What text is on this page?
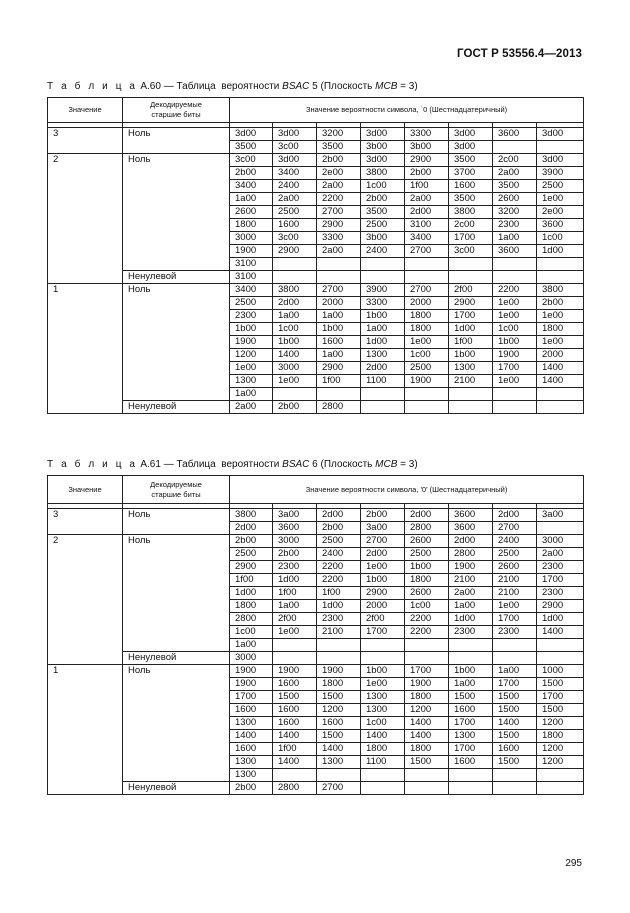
ГОСТ Р 53556.4—2013
Т а б л и ц а А.60 — Таблица  вероятности BSAC 5 (Плоскость MCB = 3)
Значение	Декодируемые старшие биты	Значение вероятности символа, `0 (Шестнадцатеричный)							

3	Ноль	3d00	3d00	3200	3d00	3300	3d00	3600	3d00
		3500	3c00	3500	3b00	3b00	3d00		
2	Ноль	3c00	3d00	2b00	3d00	2900	3500	2c00	3d00
		2b00	3400	2e00	3800	2b00	3700	2a00	3900
		3400	2400	2a00	1c00	1f00	1600	3500	2500
		1a00	2a00	2200	2b00	2a00	3500	2600	1e00
		2600	2500	2700	3500	2d00	3800	3200	2e00
		1800	1600	2900	2500	3100	2c00	2300	3600
		3000	3c00	3300	3b00	3400	1700	1a00	1c00
		1900	2900	2a00	2400	2700	3c00	3600	1d00
		3100							
	Ненулевой	3100							
1	Ноль	3400	3800	2700	3900	2700	2f00	2200	3800
		2500	2d00	2000	3300	2000	2900	1e00	2b00
		2300	1a00	1a00	1b00	1800	1700	1e00	1e00
		1b00	1c00	1b00	1a00	1800	1d00	1c00	1800
		1900	1b00	1600	1d00	1e00	1f00	1b00	1e00
		1200	1400	1a00	1300	1c00	1b00	1900	2000
		1e00	3000	2900	2d00	2500	1300	1700	1400
		1300	1e00	1f00	1100	1900	2100	1e00	1400
		1a00							
	Ненулевой	2a00	2b00	2800					
Т а б л и ц а А.61 — Таблица  вероятности BSAC 6 (Плоскость MCB = 3)
Значение	Декодируемые старшие биты	Значение вероятности символа, '0' (Шестнадцатеричный)							

3	Ноль	3800	3a00	2d00	2b00	2d00	3600	2d00	3a00
		2d00	3600	2b00	3a00	2800	3600	2700	
2	Ноль	2b00	3000	2500	2700	2600	2d00	2400	3000
		2500	2b00	2400	2d00	2500	2800	2500	2a00
		2900	2300	2200	1e00	1b00	1900	2600	2300
		1f00	1d00	2200	1b00	1800	2100	2100	1700
		1d00	1f00	1f00	2900	2600	2a00	2100	2300
		1800	1a00	1d00	2000	1c00	1a00	1e00	2900
		2800	2f00	2300	2f00	2200	1d00	1700	1d00
		1c00	1e00	2100	1700	2200	2300	2300	1400
		1a00							
	Ненулевой	3000							
1	Ноль	1900	1900	1900	1b00	1700	1b00	1a00	1000
		1900	1600	1800	1e00	1900	1a00	1700	1500
		1700	1500	1500	1300	1800	1500	1500	1700
		1600	1600	1200	1300	1200	1600	1500	1500
		1300	1600	1600	1c00	1400	1700	1400	1200
		1400	1400	1500	1400	1400	1300	1500	1800
		1600	1f00	1400	1800	1800	1700	1600	1200
		1300	1400	1300	1100	1500	1600	1500	1200
		1300							
	Ненулевой	2b00	2800	2700					
295
